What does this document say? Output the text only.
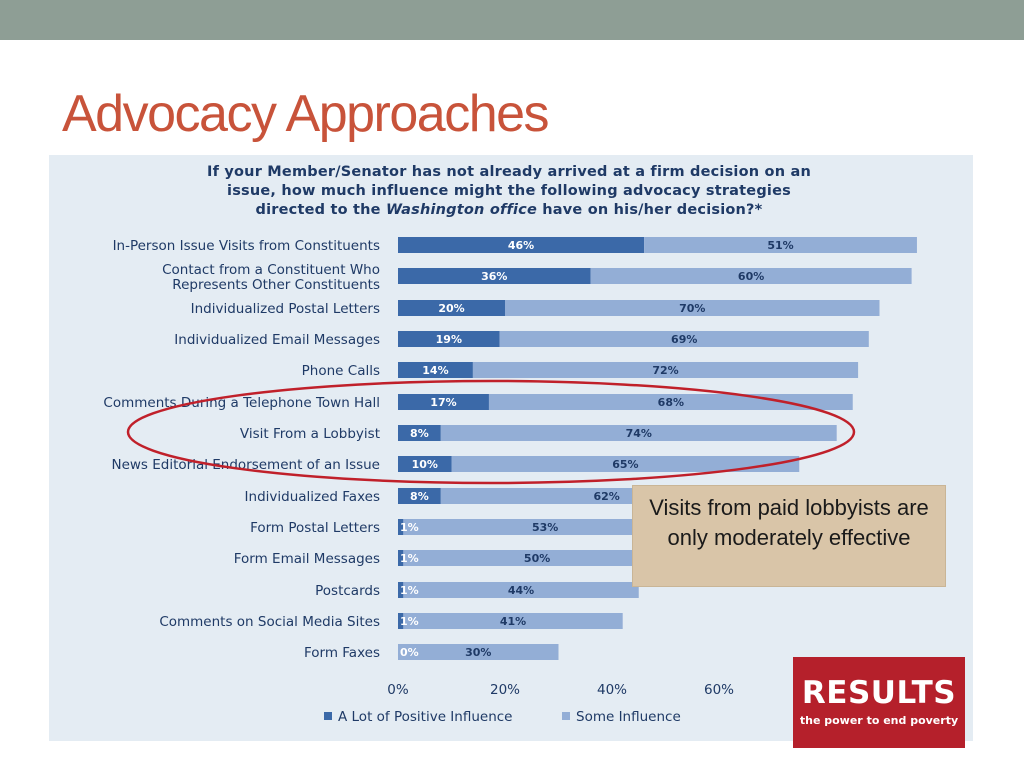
Advocacy Approaches
If your Member/Senator has not already arrived at a firm decision on an
issue, how much influence might the following advocacy strategies
directed to the Washington office have on his/her decision?*
In-Person Issue Visits from Constituents	46%	51%
Contact from a Constituent Who
Represents Other Constituents
36%	60%
Individualized Postal Letters	20%	70%
Individualized Email Messages	19%	69%
Phone Calls	14%	72%
Comments During a Telephone Town Hall	17%	68%
Visit From a Lobbyist	8%	74%
News Editorial Endorsement of an Issue	10%	65%
Individualized Faxes	8%	62%
Form Postal Letters 1%	53%
Form Email Messages 1%	50%
Postcards 1%	44%
Comments on Social Media Sites 1%	41%
Form Faxes 0%	30%
0%	20%	40%	60%
A Lot of Positive Influence	Some Influence
Visits from paid lobbyists are only moderately effective
RESULTS
the power to end poverty
